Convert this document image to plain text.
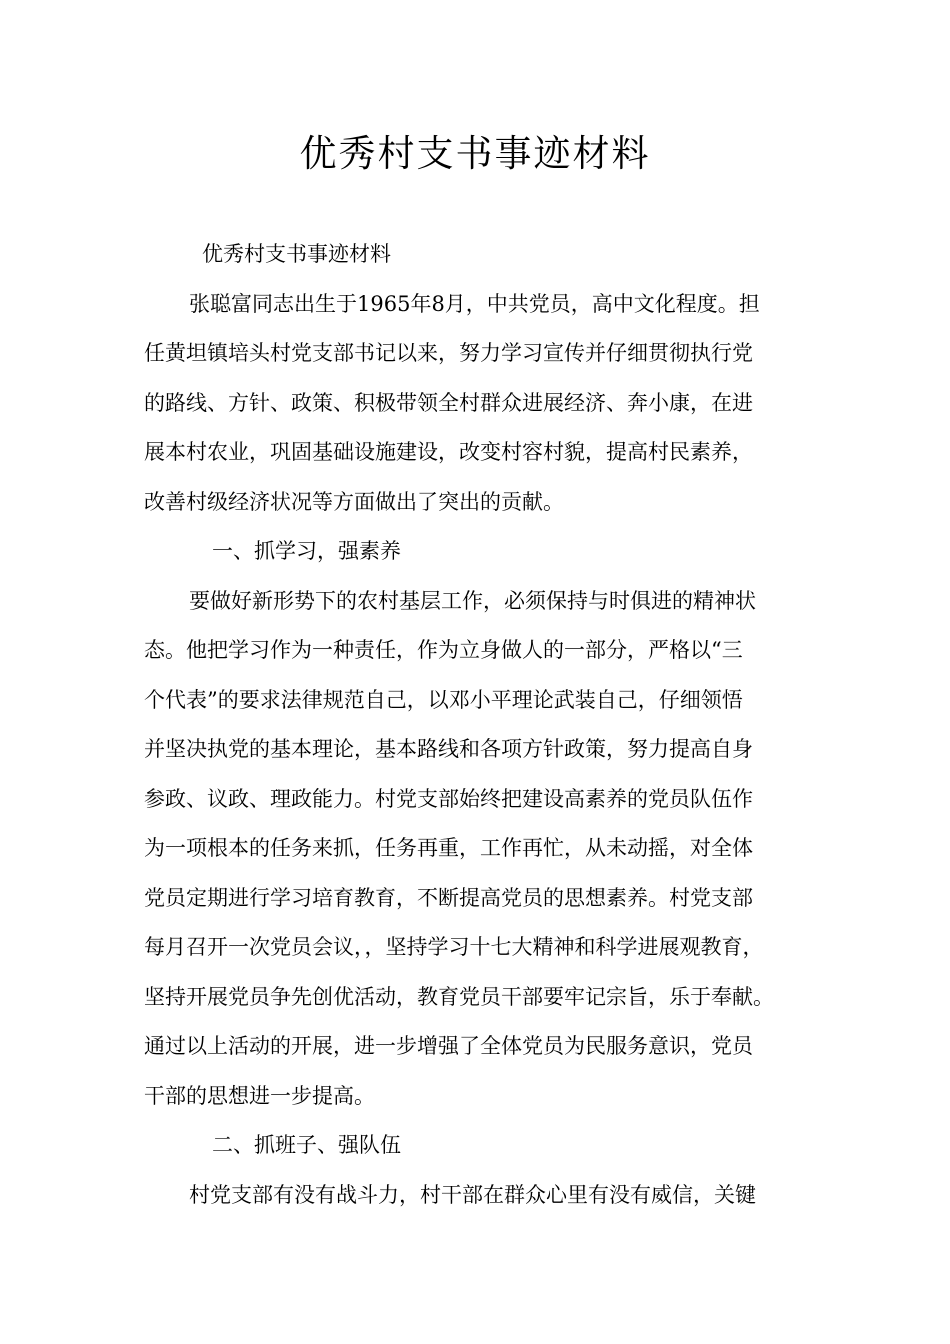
优秀村支书事迹材料
优秀村支书事迹材料
张聪富同志出生于1965年8月，中共党员，高中文化程度。担
任黄坦镇培头村党支部书记以来，努力学习宣传并仔细贯彻执行党
的路线、方针、政策、积极带领全村群众进展经济、奔小康，在进
展本村农业，巩固基础设施建设，改变村容村貌，提高村民素养，
改善村级经济状况等方面做出了突出的贡献。
一、抓学习，强素养
要做好新形势下的农村基层工作，必须保持与时俱进的精神状
态。他把学习作为一种责任，作为立身做人的一部分，严格以“三
个代表”的要求法律规范自己，以邓小平理论武装自己，仔细领悟
并坚决执党的基本理论，基本路线和各项方针政策，努力提高自身
参政、议政、理政能力。村党支部始终把建设高素养的党员队伍作
为一项根本的任务来抓，任务再重，工作再忙，从未动摇，对全体
党员定期进行学习培育教育，不断提高党员的思想素养。村党支部
每月召开一次党员会议，，坚持学习十七大精神和科学进展观教育，
坚持开展党员争先创优活动，教育党员干部要牢记宗旨，乐于奉献。
通过以上活动的开展，进一步增强了全体党员为民服务意识，党员
干部的思想进一步提高。
二、抓班子、强队伍
村党支部有没有战斗力，村干部在群众心里有没有威信，关键
